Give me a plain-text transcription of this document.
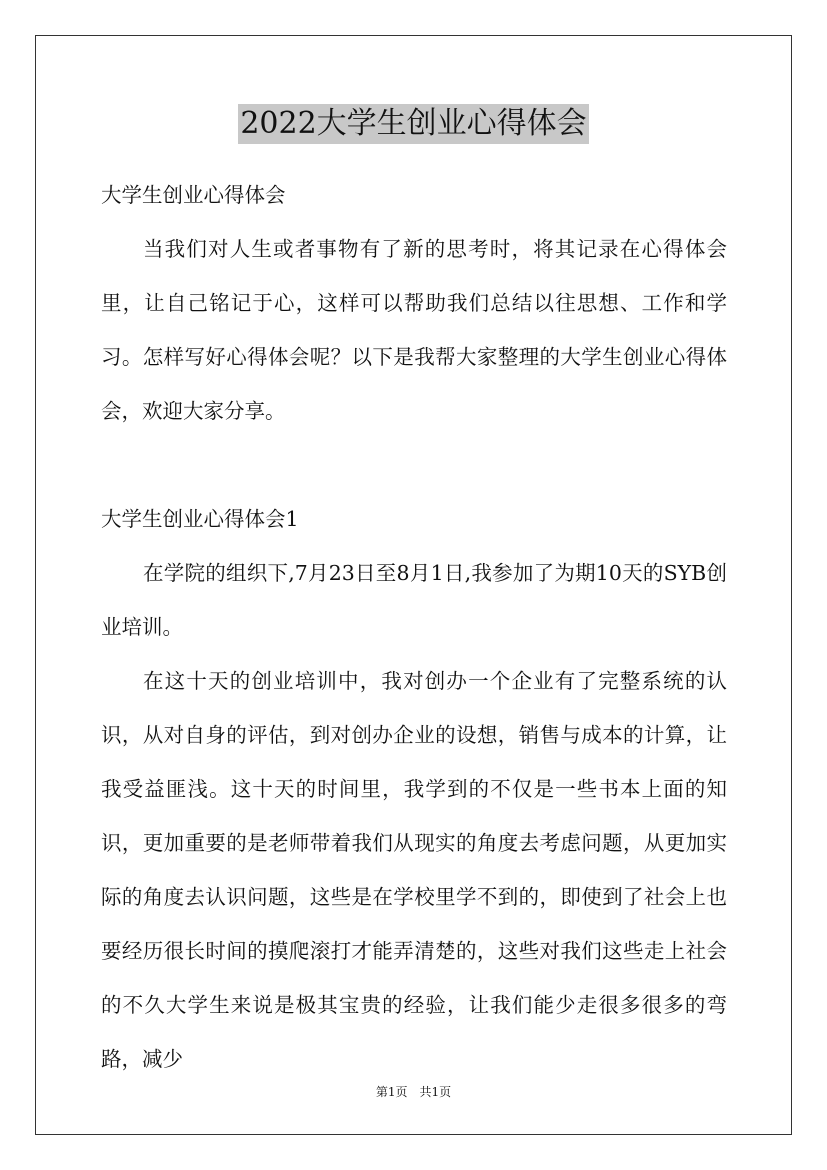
2022大学生创业心得体会

大学生创业心得体会

当我们对人生或者事物有了新的思考时，将其记录在心得体会里，让自己铭记于心，这样可以帮助我们总结以往思想、工作和学习。怎样写好心得体会呢？以下是我帮大家整理的大学生创业心得体会，欢迎大家分享。

大学生创业心得体会1

在学院的组织下,7月23日至8月1日,我参加了为期10天的SYB创业培训。

在这十天的创业培训中，我对创办一个企业有了完整系统的认识，从对自身的评估，到对创办企业的设想，销售与成本的计算，让我受益匪浅。这十天的时间里，我学到的不仅是一些书本上面的知识，更加重要的是老师带着我们从现实的角度去考虑问题，从更加实际的角度去认识问题，这些是在学校里学不到的，即使到了社会上也要经历很长时间的摸爬滚打才能弄清楚的，这些对我们这些走上社会的不久大学生来说是极其宝贵的经验，让我们能少走很多很多的弯路，减少

第1页 共1页
